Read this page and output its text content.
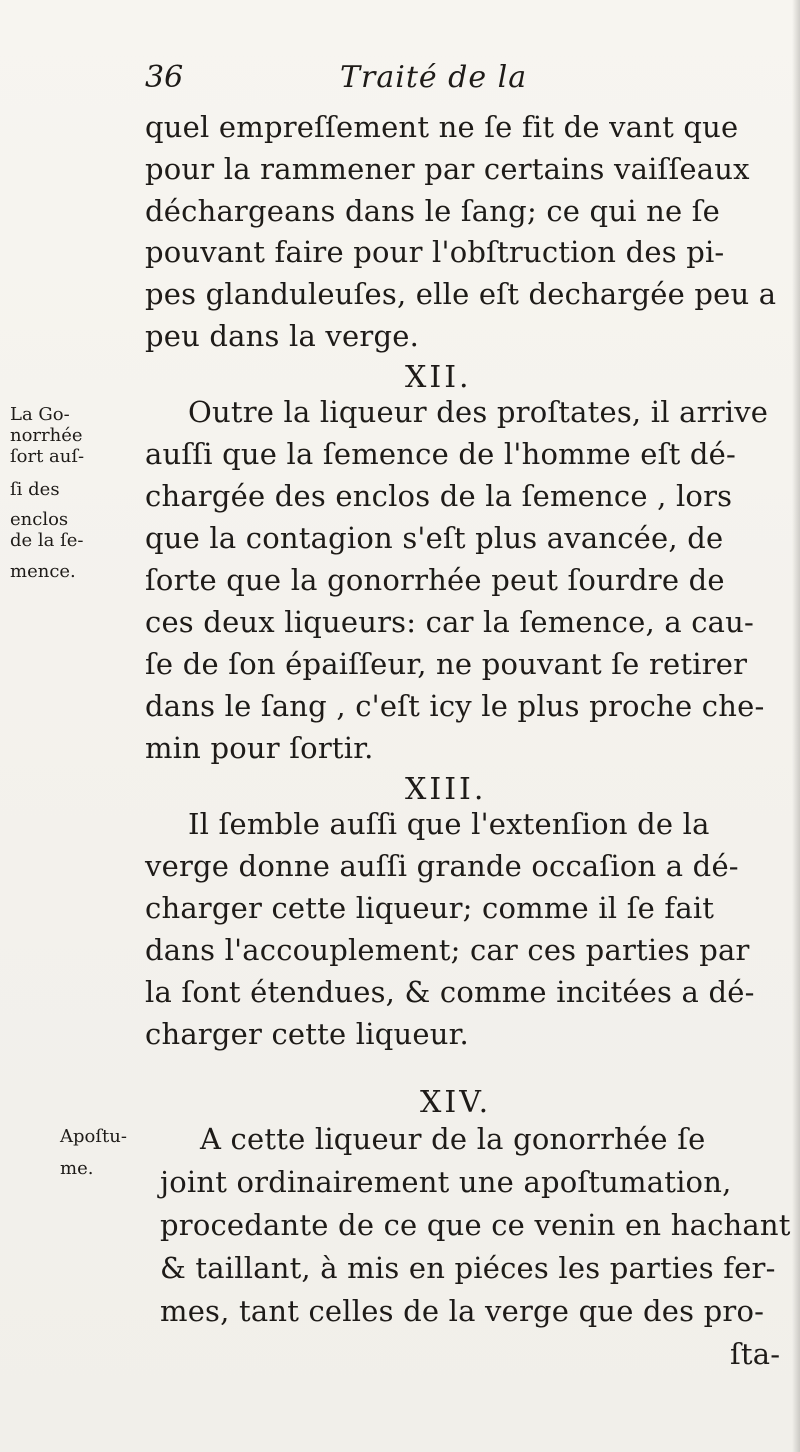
36	Traité de la
quel empreſſement ne ſe fit de vant que
pour la rammener par certains vaiſſeaux
déchargeans dans le ſang; ce qui ne ſe
pouvant faire pour l'obſtruction des pi-
pes glanduleuſes, elle eſt dechargée peu a
peu dans la verge.
XII.
Outre la liqueur des proſtates, il arrive
auſſi que la ſemence de l'homme eſt dé-
chargée des enclos de la ſemence , lors
que la contagion s'eſt plus avancée, de
ſorte que la gonorrhée peut ſourdre de
ces deux liqueurs: car la ſemence, a cau-
ſe de ſon épaiſſeur, ne pouvant ſe retirer
dans le ſang , c'eſt icy le plus proche che-
min pour ſortir.
XIII.
Il ſemble auſſi que l'extenſion de la
verge donne auſſi grande occaſion a dé-
charger cette liqueur; comme il ſe fait
dans l'accouplement; car ces parties par
la ſont étendues, & comme incitées a dé-
charger cette liqueur.
XIV.
A cette liqueur de la gonorrhée ſe
joint ordinairement une apoſtumation,
procedante de ce que ce venin en hachant
& taillant, à mis en piéces les parties fer-
mes, tant celles de la verge que des pro-
ſta-
La Go-
norrhée
ſort auſ-
ſi des
enclos
de la ſe-
mence.
Apoſtu-
me.
